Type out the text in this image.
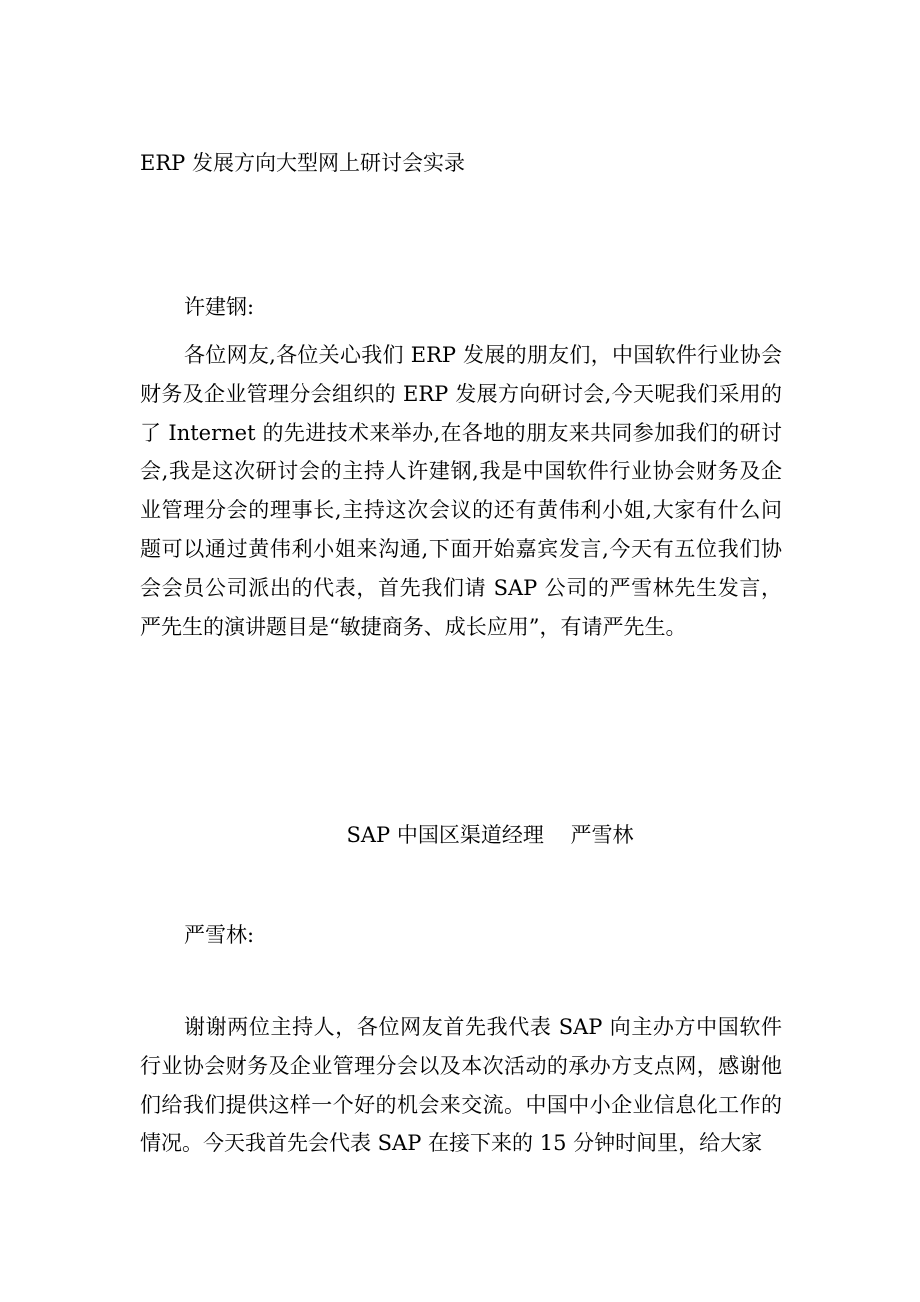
ERP 发展方向大型网上研讨会实录
许建钢:

各位网友,各位关心我们 ERP 发展的朋友们，中国软件行业协会财务及企业管理分会组织的 ERP 发展方向研讨会,今天呢我们采用的了 Internet 的先进技术来举办,在各地的朋友来共同参加我们的研讨会,我是这次研讨会的主持人许建钢,我是中国软件行业协会财务及企业管理分会的理事长,主持这次会议的还有黄伟利小姐,大家有什么问题可以通过黄伟利小姐来沟通,下面开始嘉宾发言,今天有五位我们协会会员公司派出的代表，首先我们请 SAP 公司的严雪林先生发言，严先生的演讲题目是“敏捷商务、成长应用”，有请严先生。

SAP 中国区渠道经理    严雪林
严雪林:

谢谢两位主持人，各位网友首先我代表 SAP 向主办方中国软件行业协会财务及企业管理分会以及本次活动的承办方支点网，感谢他们给我们提供这样一个好的机会来交流。中国中小企业信息化工作的情况。今天我首先会代表 SAP 在接下来的 15 分钟时间里，给大家
